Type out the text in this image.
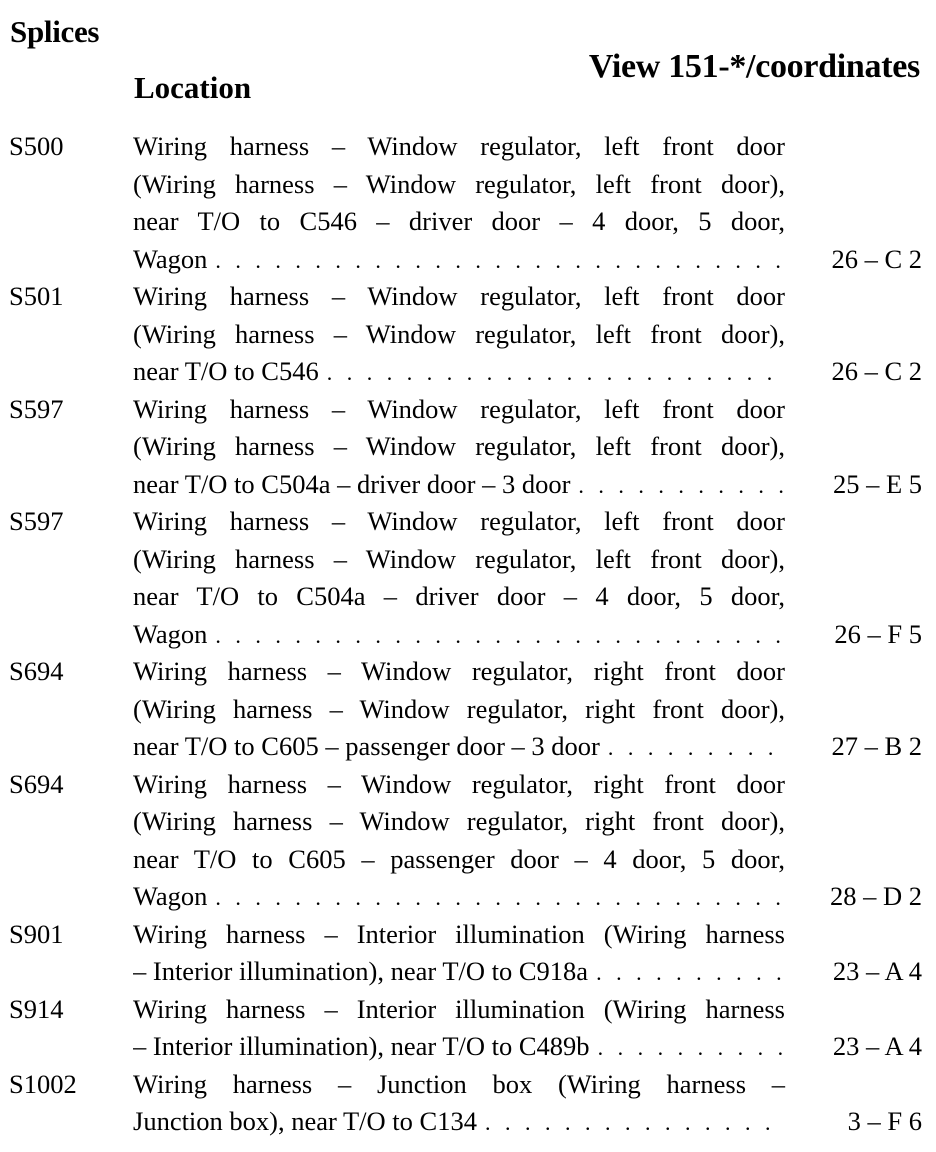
Splices
Location
View 151-*/coordinates
S500	Wiring harness – Window regulator, left front door
(Wiring harness – Window regulator, left front door),
near T/O to C546 – driver door – 4 door, 5 door,
Wagon . . .	26 – C 2
S501	Wiring harness – Window regulator, left front door
(Wiring harness – Window regulator, left front door),
near T/O to C546 . . .	26 – C 2
S597	Wiring harness – Window regulator, left front door
(Wiring harness – Window regulator, left front door),
near T/O to C504a – driver door – 3 door . . .	25 – E 5
S597	Wiring harness – Window regulator, left front door
(Wiring harness – Window regulator, left front door),
near T/O to C504a – driver door – 4 door, 5 door,
Wagon . . .	26 – F 5
S694	Wiring harness – Window regulator, right front door
(Wiring harness – Window regulator, right front door),
near T/O to C605 – passenger door – 3 door . . .	27 – B 2
S694	Wiring harness – Window regulator, right front door
(Wiring harness – Window regulator, right front door),
near T/O to C605 – passenger door – 4 door, 5 door,
Wagon . . .	28 – D 2
S901	Wiring harness – Interior illumination (Wiring harness
– Interior illumination), near T/O to C918a . . .	23 – A 4
S914	Wiring harness – Interior illumination (Wiring harness
– Interior illumination), near T/O to C489b . . .	23 – A 4
S1002 Wiring harness – Junction box (Wiring harness –
Junction box), near T/O to C134 . . .	3 – F 6
